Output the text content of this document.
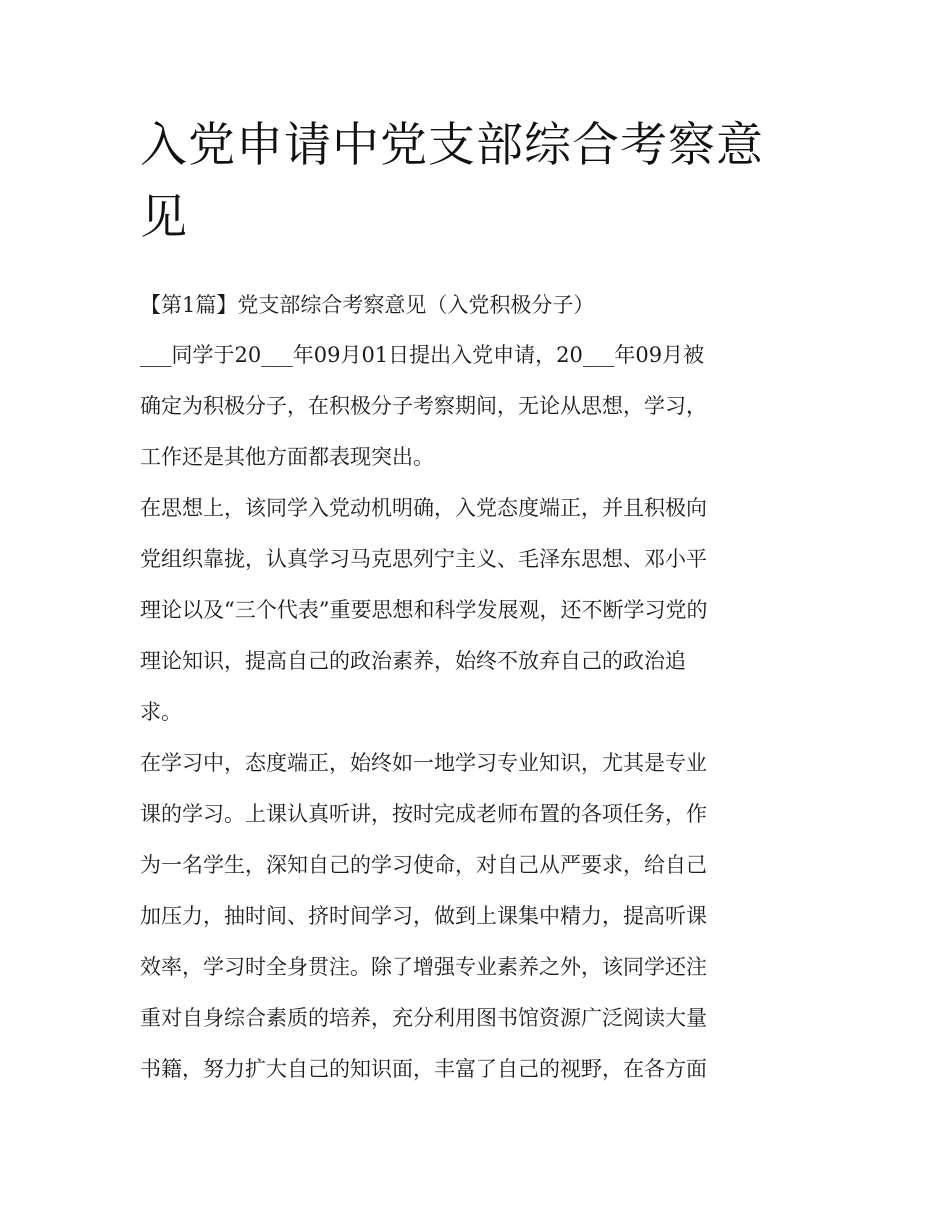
入党申请中党支部综合考察意
见
【第1篇】党支部综合考察意见（入党积极分子）

___同学于20___年09月01日提出入党申请，20___年09月被
确定为积极分子，在积极分子考察期间，无论从思想，学习，
工作还是其他方面都表现突出。

在思想上，该同学入党动机明确，入党态度端正，并且积极向
党组织靠拢，认真学习马克思列宁主义、毛泽东思想、邓小平
理论以及“三个代表”重要思想和科学发展观，还不断学习党的
理论知识，提高自己的政治素养，始终不放弃自己的政治追
求。

在学习中，态度端正，始终如一地学习专业知识，尤其是专业
课的学习。上课认真听讲，按时完成老师布置的各项任务，作
为一名学生，深知自己的学习使命，对自己从严要求，给自己
加压力，抽时间、挤时间学习，做到上课集中精力，提高听课
效率，学习时全身贯注。除了增强专业素养之外，该同学还注
重对自身综合素质的培养，充分利用图书馆资源广泛阅读大量
书籍，努力扩大自己的知识面，丰富了自己的视野，在各方面
